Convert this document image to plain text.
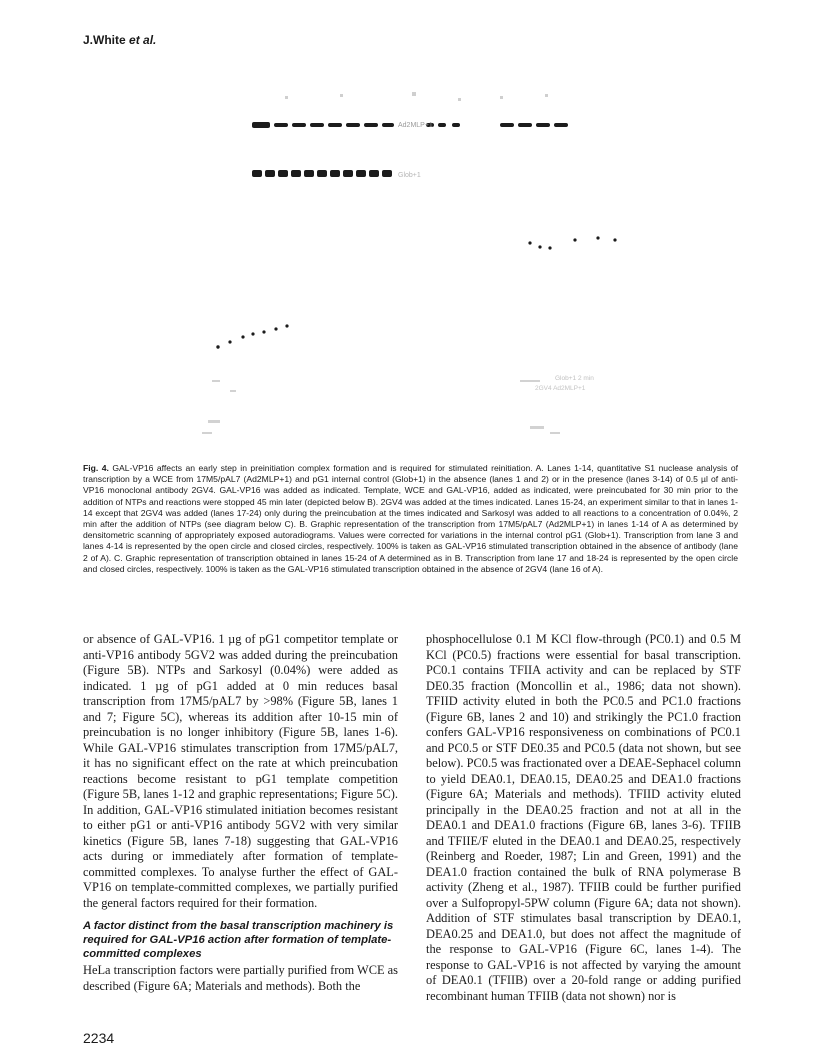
J.White et al.
Ad2MLP+1
Glob+1
Glob+1 2 min
2GV4 Ad2MLP+1
Fig. 4. GAL-VP16 affects an early step in preinitiation complex formation and is required for stimulated reinitiation. A. Lanes 1-14, quantitative S1 nuclease analysis of transcription by a WCE from 17M5/pAL7 (Ad2MLP+1) and pG1 internal control (Glob+1) in the absence (lanes 1 and 2) or in the presence (lanes 3-14) of 0.5 µl of anti-VP16 monoclonal antibody 2GV4. GAL-VP16 was added as indicated. Template, WCE and GAL-VP16, added as indicated, were preincubated for 30 min prior to the addition of NTPs and reactions were stopped 45 min later (depicted below B). 2GV4 was added at the times indicated. Lanes 15-24, an experiment similar to that in lanes 1-14 except that 2GV4 was added (lanes 17-24) only during the preincubation at the times indicated and Sarkosyl was added to all reactions to a concentration of 0.04%, 2 min after the addition of NTPs (see diagram below C). B. Graphic representation of the transcription from 17M5/pAL7 (Ad2MLP+1) in lanes 1-14 of A as determined by densitometric scanning of appropriately exposed autoradiograms. Values were corrected for variations in the internal control pG1 (Glob+1). Transcription from lane 3 and lanes 4-14 is represented by the open circle and closed circles, respectively. 100% is taken as GAL-VP16 stimulated transcription obtained in the absence of antibody (lane 2 of A). C. Graphic representation of transcription obtained in lanes 15-24 of A determined as in B. Transcription from lane 17 and 18-24 is represented by the open circle and closed circles, respectively. 100% is taken as the GAL-VP16 stimulated transcription obtained in the absence of 2GV4 (lane 16 of A).

or absence of GAL-VP16. 1 µg of pG1 competitor template or anti-VP16 antibody 5GV2 was added during the preincubation (Figure 5B). NTPs and Sarkosyl (0.04%) were added as indicated. 1 µg of pG1 added at 0 min reduces basal transcription from 17M5/pAL7 by >98% (Figure 5B, lanes 1 and 7; Figure 5C), whereas its addition after 10-15 min of preincubation is no longer inhibitory (Figure 5B, lanes 1-6). While GAL-VP16 stimulates transcription from 17M5/pAL7, it has no significant effect on the rate at which preincubation reactions become resistant to pG1 template competition (Figure 5B, lanes 1-12 and graphic representations; Figure 5C). In addition, GAL-VP16 stimulated initiation becomes resistant to either pG1 or anti-VP16 antibody 5GV2 with very similar kinetics (Figure 5B, lanes 7-18) suggesting that GAL-VP16 acts during or immediately after formation of template-committed complexes. To analyse further the effect of GAL-VP16 on template-committed complexes, we partially purified the general factors required for their formation.

A factor distinct from the basal transcription machinery is required for GAL-VP16 action after formation of template-committed complexes

HeLa transcription factors were partially purified from WCE as described (Figure 6A; Materials and methods). Both the

phosphocellulose 0.1 M KCl flow-through (PC0.1) and 0.5 M KCl (PC0.5) fractions were essential for basal transcription. PC0.1 contains TFIIA activity and can be replaced by STF DE0.35 fraction (Moncollin et al., 1986; data not shown). TFIID activity eluted in both the PC0.5 and PC1.0 fractions (Figure 6B, lanes 2 and 10) and strikingly the PC1.0 fraction confers GAL-VP16 responsiveness on combinations of PC0.1 and PC0.5 or STF DE0.35 and PC0.5 (data not shown, but see below). PC0.5 was fractionated over a DEAE-Sephacel column to yield DEA0.1, DEA0.15, DEA0.25 and DEA1.0 fractions (Figure 6A; Materials and methods). TFIID activity eluted principally in the DEA0.25 fraction and not at all in the DEA0.1 and DEA1.0 fractions (Figure 6B, lanes 3-6). TFIIB and TFIIE/F eluted in the DEA0.1 and DEA0.25, respectively (Reinberg and Roeder, 1987; Lin and Green, 1991) and the DEA1.0 fraction contained the bulk of RNA polymerase B activity (Zheng et al., 1987). TFIIB could be further purified over a Sulfopropyl-5PW column (Figure 6A; data not shown). Addition of STF stimulates basal transcription by DEA0.1, DEA0.25 and DEA1.0, but does not affect the magnitude of the response to GAL-VP16 (Figure 6C, lanes 1-4). The response to GAL-VP16 is not affected by varying the amount of DEA0.1 (TFIIB) over a 20-fold range or adding purified recombinant human TFIIB (data not shown) nor is

2234
